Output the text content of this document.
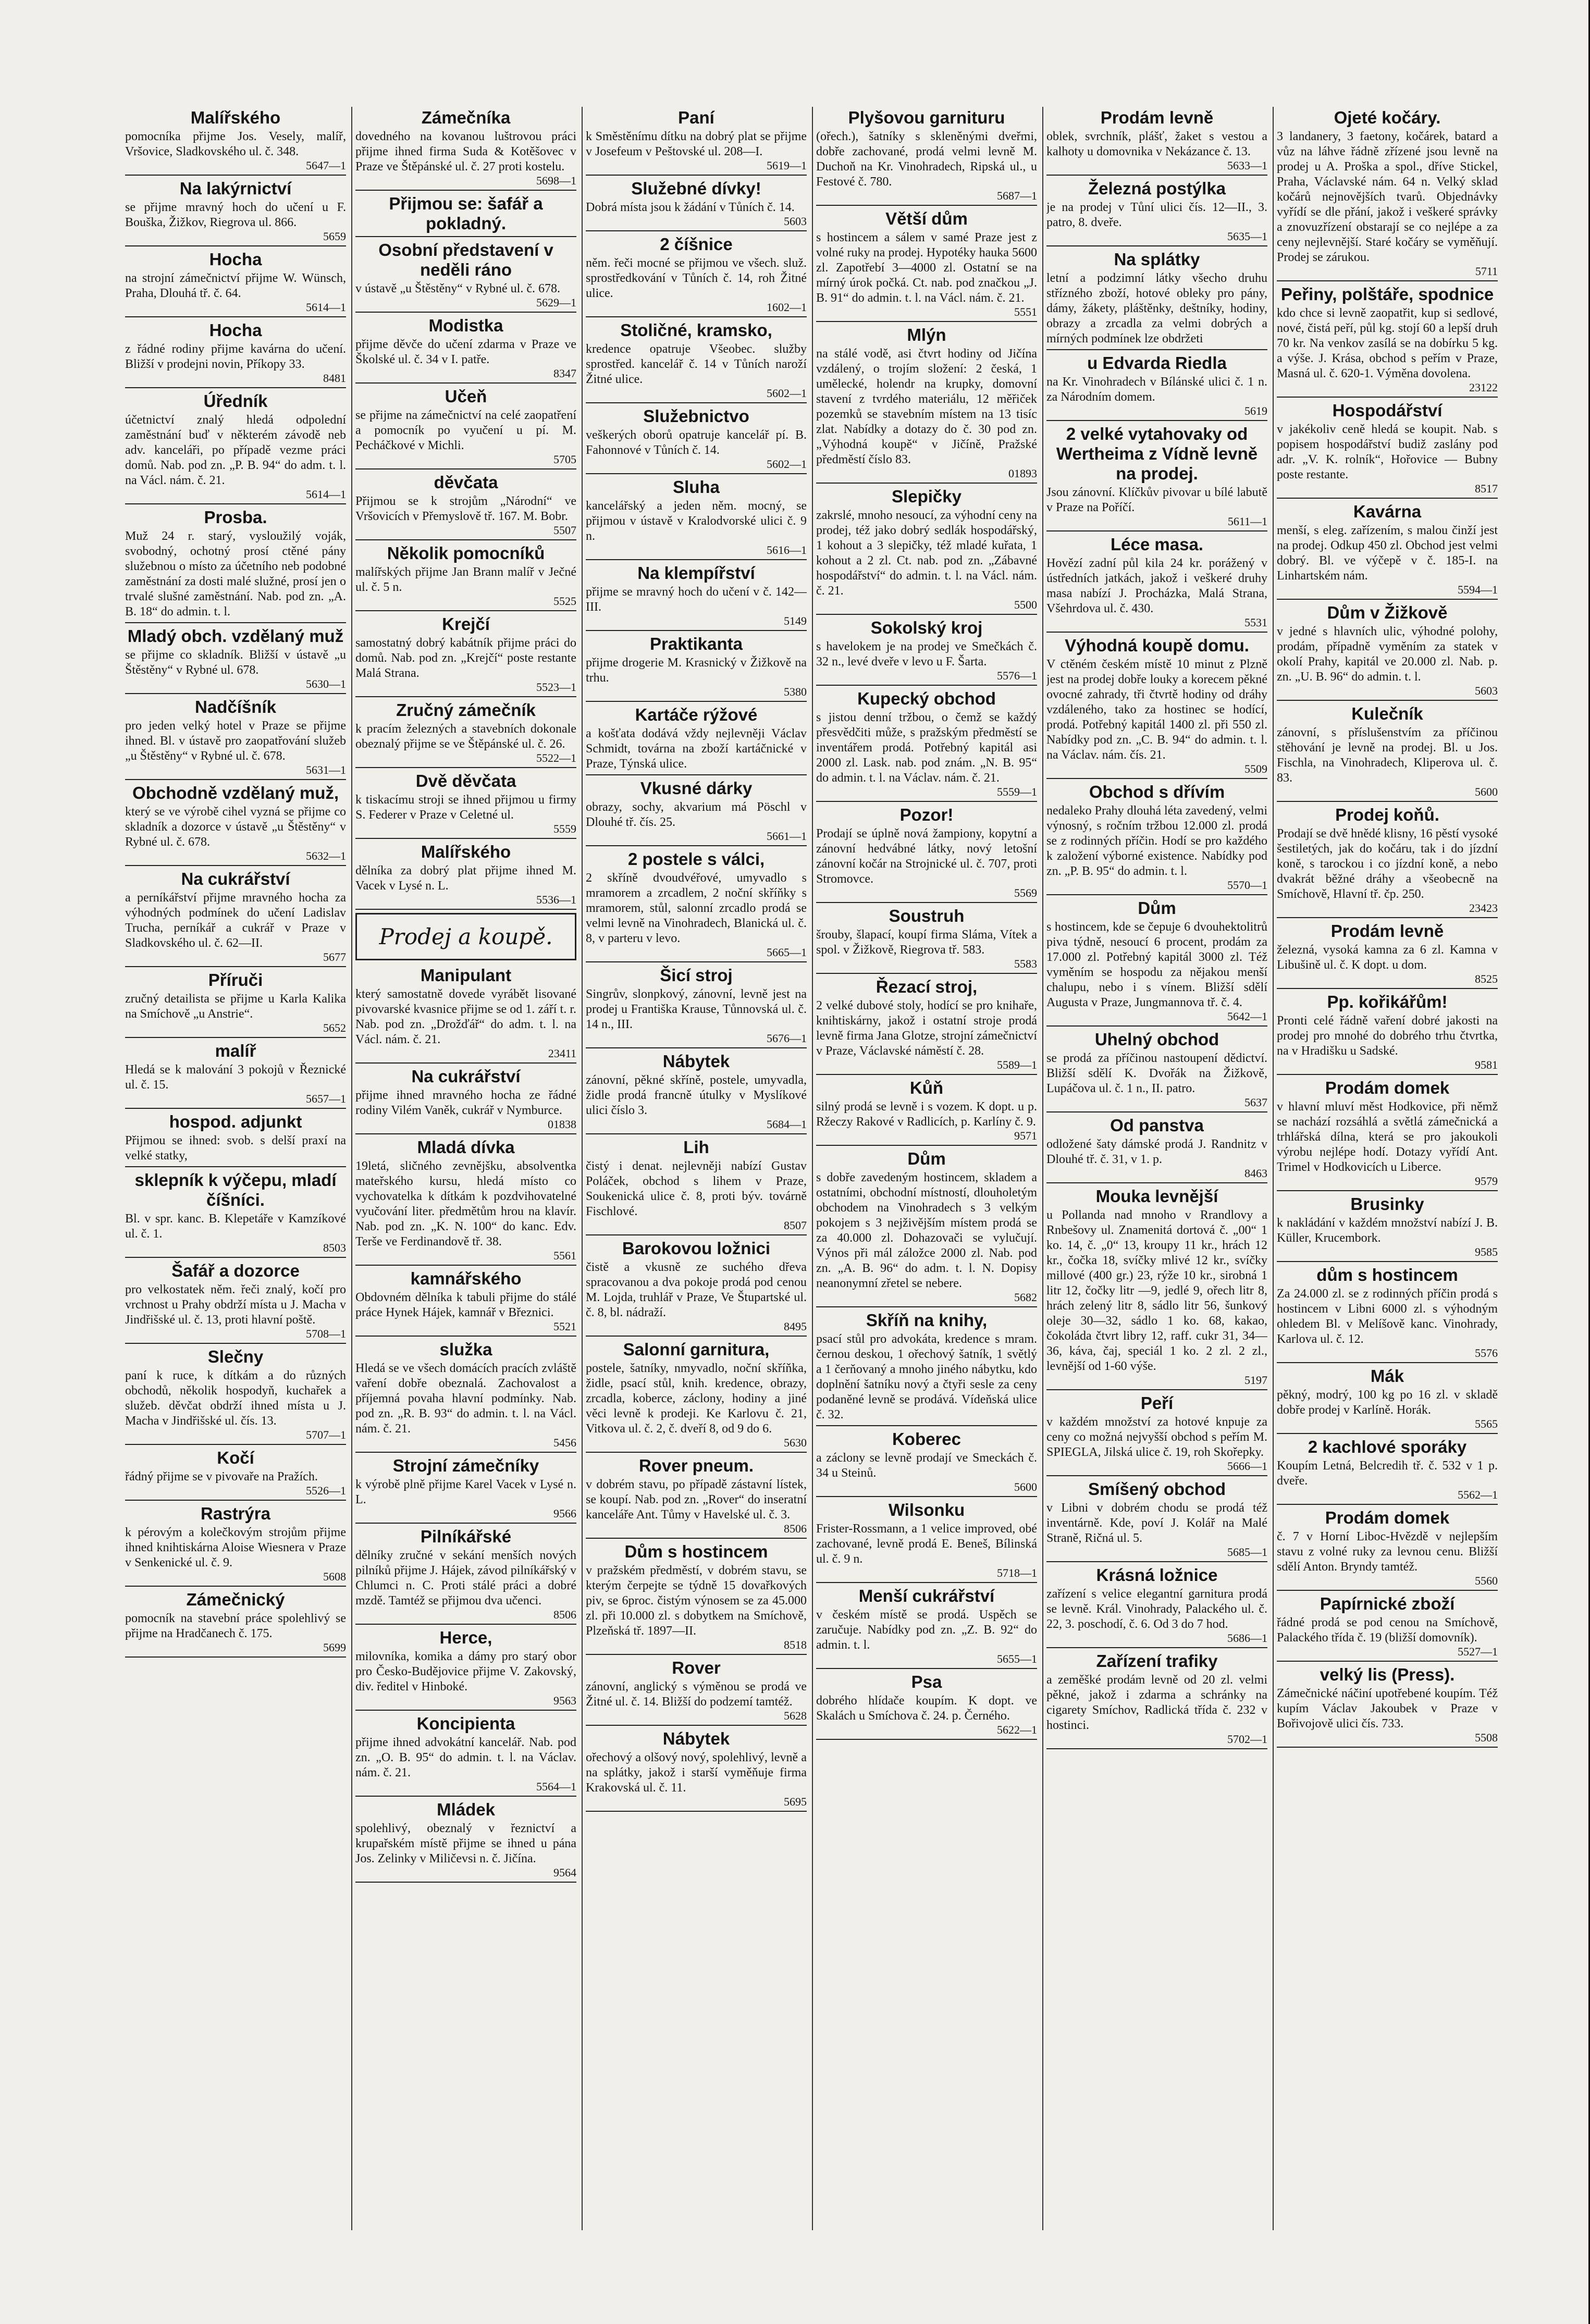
Malířského
pomocníka přijme Jos. Vesely, malíř, Vršovice, Sladkovského ul. č. 348.
5647—1
Na lakýrnictví
se přijme mravný hoch do učení u F. Bouška, Žižkov, Riegrova ul. 866.
5659
Hocha
na strojní zámečnictví přijme W. Wünsch, Praha, Dlouhá tř. č. 64.
5614—1
Hocha
z řádné rodiny přijme kavárna do učení. Bližší v prodejni novin, Příkopy 33.
8481
Úředník
účetnictví znalý hledá odpolední zaměstnání buď v některém závodě neb adv. kanceláři, po případě vezme práci domů. Nab. pod zn. „P. B. 94“ do adm. t. l. na Václ. nám. č. 21.
5614—1
Prosba.
Muž 24 r. starý, vysloužilý voják, svobodný, ochotný prosí ctěné pány služebnou o místo za účetního neb podobné zaměstnání za dosti malé služné, prosí jen o trvalé slušné zaměstnání. Nab. pod zn. „A. B. 18“ do admin. t. l.
Mladý obch. vzdělaný muž
se přijme co skladník. Bližší v ústavě „u Štěstěny“ v Rybné ul. 678.
5630—1
Nadčíšník
pro jeden velký hotel v Praze se přijme ihned. Bl. v ústavě pro zaopatřování služeb „u Štěstěny“ v Rybné ul. č. 678.
5631—1
Obchodně vzdělaný muž,
který se ve výrobě cihel vyzná se přijme co skladník a dozorce v ústavě „u Štěstěny“ v Rybné ul. č. 678.
5632—1
Na cukrářství
a perníkářství přijme mravného hocha za výhodných podmínek do učení Ladislav Trucha, perníkář a cukrář v Praze v Sladkovského ul. č. 62—II.
5677
Příruči
zručný detailista se přijme u Karla Kalika na Smíchově „u Anstrie“.
5652
malíř
Hledá se k malování 3 pokojů v Řeznické ul. č. 15.
5657—1
hospod. adjunkt
Přijmou se ihned: svob. s delší praxí na velké statky,
sklepník k výčepu, mladí číšníci.
Bl. v spr. kanc. B. Klepetáře v Kamzíkové ul. č. 1.
8503
Šafář a dozorce
pro velkostatek něm. řeči znalý, kočí pro vrchnost u Prahy obdrží místa u J. Macha v Jindřišské ul. č. 13, proti hlavní poště.
5708—1
Slečny
paní k ruce, k dítkám a do různých obchodů, několik hospodyň, kuchařek a služeb. děvčat obdrží ihned místa u J. Macha v Jindřišské ul. čís. 13.
5707—1
Kočí
řádný přijme se v pivovaře na Pražích.
5526—1
Rastrýra
k pérovým a kolečkovým strojům přijme ihned knihtiskárna Aloise Wiesnera v Praze v Senkenické ul. č. 9.
5608
Zámečnický
pomocník na stavební práce spolehlivý se přijme na Hradčanech č. 175.
5699
Zámečníka
dovedného na kovanou luštrovou práci přijme ihned firma Suda & Kotěšovec v Praze ve Štěpánské ul. č. 27 proti kostelu.
5698—1
Přijmou se: šafář a pokladný.
Osobní představení v neděli ráno
v ústavě „u Štěstěny“ v Rybné ul. č. 678.
5629—1
Modistka
přijme děvče do učení zdarma v Praze ve Školské ul. č. 34 v I. patře.
8347
Učeň
se přijme na zámečnictví na celé zaopatření a pomocník po vyučení u pí. M. Pecháčkové v Michli.
5705
děvčata
Přijmou se k strojům „Národní“ ve Vršovicích v Přemyslově tř. 167. M. Bobr.
5507
Několik pomocníků
malířských přijme Jan Brann malíř v Ječné ul. č. 5 n.
5525
Krejčí
samostatný dobrý kabátník přijme práci do domů. Nab. pod zn. „Krejčí“ poste restante Malá Strana.
5523—1
Zručný zámečník
k pracím železných a stavebních dokonale obeznalý přijme se ve Štěpánské ul. č. 26.
5522—1
Dvě děvčata
k tiskacímu stroji se ihned přijmou u firmy S. Federer v Praze v Celetné ul.
5559
Malířského
dělníka za dobrý plat přijme ihned M. Vacek v Lysé n. L.
5536—1
Prodej a koupě.
Manipulant
který samostatně dovede vyrábět lisované pivovarské kvasnice přijme se od 1. září t. r. Nab. pod zn. „Drožďář“ do adm. t. l. na Václ. nám. č. 21.
23411
Na cukrářství
přijme ihned mravného hocha ze řádné rodiny Vilém Vaněk, cukrář v Nymburce.
01838
Mladá dívka
19letá, sličného zevnějšku, absolventka mateřského kursu, hledá místo co vychovatelka k dítkám k pozdvihovatelné vyučování liter. předmětům hrou na klavír. Nab. pod zn. „K. N. 100“ do kanc. Edv. Terše ve Ferdinandově tř. 38.
5561
kamnářského
Obdovném dělníka k tabuli přijme do stálé práce Hynek Hájek, kamnář v Březnici.
5521
služka
Hledá se ve všech domácích pracích zvláště vaření dobře obeznalá. Zachovalost a příjemná povaha hlavní podmínky. Nab. pod zn. „R. B. 93“ do admin. t. l. na Václ. nám. č. 21.
5456
Strojní zámečníky
k výrobě plně přijme Karel Vacek v Lysé n. L.
9566
Pilníkářské
dělníky zručné v sekání menších nových pilníků přijme J. Hájek, závod pilníkářský v Chlumci n. C. Proti stálé práci a dobré mzdě. Tamtéž se přijmou dva učenci.
8506
Herce,
milovníka, komika a dámy pro starý obor pro Česko-Budějovice přijme V. Zakovský, div. ředitel v Hinboké.
9563
Koncipienta
přijme ihned advokátní kancelář. Nab. pod zn. „O. B. 95“ do admin. t. l. na Václav. nám. č. 21.
5564—1
Mládek
spolehlivý, obeznalý v řeznictví a krupařském místě přijme se ihned u pána Jos. Zelinky v Miličevsi n. č. Jičína.
9564
Paní
k Směstěnímu dítku na dobrý plat se přijme v Josefeum v Peštovské ul. 208—I.
5619—1
Služebné dívky!
Dobrá místa jsou k žádání v Tůních č. 14.
5603
2 číšnice
něm. řeči mocné se přijmou ve všech. služ. sprostředkování v Tůních č. 14, roh Žitné ulice.
1602—1
Stoličné, kramsko,
kredence opatruje Všeobec. služby sprostřed. kancelář č. 14 v Tůních naroží Žitné ulice.
5602—1
Služebnictvo
veškerých oborů opatruje kancelář pí. B. Fahonnové v Tůních č. 14.
5602—1
Sluha
kancelářský a jeden něm. mocný, se přijmou v ústavě v Kralodvorské ulici č. 9 n.
5616—1
Na klempířství
přijme se mravný hoch do učení v č. 142—III.
5149
Praktikanta
přijme drogerie M. Krasnický v Žižkově na trhu.
5380
Kartáče rýžové
a košťata dodává vždy nejlevněji Václav Schmidt, továrna na zboží kartáčnické v Praze, Týnská ulice.
Vkusné dárky
obrazy, sochy, akvarium má Pöschl v Dlouhé tř. čís. 25.
5661—1
2 postele s válci,
2 skříně dvoudvéřové, umyvadlo s mramorem a zrcadlem, 2 noční skříňky s mramorem, stůl, salonní zrcadlo prodá se velmi levně na Vinohradech, Blanická ul. č. 8, v parteru v levo.
5665—1
Šicí stroj
Singrův, slonpkový, zánovní, levně jest na prodej u Františka Krause, Tůnnovská ul. č. 14 n., III.
5676—1
Nábytek
zánovní, pěkné skříně, postele, umyvadla, židle prodá francně útulky v Myslíkové ulici číslo 3.
5684—1
Lih
čistý i denat. nejlevněji nabízí Gustav Poláček, obchod s lihem v Praze, Soukenická ulice č. 8, proti býv. továrně Fischlové.
8507
Barokovou ložnici
čistě a vkusně ze suchého dřeva spracovanou a dva pokoje prodá pod cenou M. Lojda, truhlář v Praze, Ve Štupartské ul. č. 8, bl. nádraží.
8495
Salonní garnitura,
postele, šatníky, nmyvadlo, noční skříňka, židle, psací stůl, knih. kredence, obrazy, zrcadla, koberce, záclony, hodiny a jiné věci levně k prodeji. Ke Karlovu č. 21, Vitkova ul. č. 2, č. dveří 8, od 9 do 6.
5630
Rover pneum.
v dobrém stavu, po případě zástavní lístek, se koupí. Nab. pod zn. „Rover“ do inseratní kanceláře Ant. Tůmy v Havelské ul. č. 3.
8506
Dům s hostincem
v pražském předměstí, v dobrém stavu, se kterým čerpejte se týdně 15 dovařkových piv, se 6proc. čistým výnosem se za 45.000 zl. při 10.000 zl. s dobytkem na Smíchově, Plzeňská tř. 1897—II.
8518
Rover
zánovní, anglický s výměnou se prodá ve Žitné ul. č. 14. Bližší do podzemí tamtéž.
5628
Nábytek
ořechový a olšový nový, spolehlivý, levně a na splátky, jakož i starší vyměňuje firma Krakovská ul. č. 11.
5695
Plyšovou garnituru
(ořech.), šatníky s skleněnými dveřmi, dobře zachované, prodá velmi levně M. Duchoň na Kr. Vinohradech, Ripská ul., u Festové č. 780.
5687—1
Větší dům
s hostincem a sálem v samé Praze jest z volné ruky na prodej. Hypotéky hauka 5600 zl. Zapotřebí 3—4000 zl. Ostatní se na mírný úrok počká. Ct. nab. pod značkou „J. B. 91“ do admin. t. l. na Václ. nám. č. 21.
5551
Mlýn
na stálé vodě, asi čtvrt hodiny od Jičína vzdálený, o trojím složení: 2 česká, 1 umělecké, holendr na krupky, domovní stavení z tvrdého materiálu, 12 měřiček pozemků se stavebním místem na 13 tisíc zlat. Nabídky a dotazy do č. 30 pod zn. „Výhodná koupě“ v Jičíně, Pražské předměstí číslo 83.
01893
Slepičky
zakrslé, mnoho nesoucí, za výhodní ceny na prodej, též jako dobrý sedlák hospodářský, 1 kohout a 3 slepičky, též mladé kuřata, 1 kohout a 2 zl. Ct. nab. pod zn. „Zábavné hospodářství“ do admin. t. l. na Václ. nám. č. 21.
5500
Sokolský kroj
s havelokem je na prodej ve Smečkách č. 32 n., levé dveře v levo u F. Šarta.
5576—1
Kupecký obchod
s jistou denní tržbou, o čemž se každý přesvědčiti může, s pražským předměstí se inventářem prodá. Potřebný kapitál asi 2000 zl. Lask. nab. pod znám. „N. B. 95“ do admin. t. l. na Václav. nám. č. 21.
5559—1
Pozor!
Prodají se úplně nová žampiony, kopytní a zánovní hedvábné látky, nový letošní zánovní kočár na Strojnické ul. č. 707, proti Stromovce.
5569
Soustruh
šrouby, šlapací, koupí firma Sláma, Vítek a spol. v Žižkově, Riegrova tř. 583.
5583
Řezací stroj,
2 velké dubové stoly, hodící se pro knihaře, knihtiskárny, jakož i ostatní stroje prodá levně firma Jana Glotze, strojní zámečnictví v Praze, Václavské náměstí č. 28.
5589—1
Kůň
silný prodá se levně i s vozem. K dopt. u p. Ržeczy Rakové v Radlicích, p. Karlíny č. 9.
9571
Dům
s dobře zavedeným hostincem, skladem a ostatními, obchodní místností, dlouholetým obchodem na Vinohradech s 3 velkým pokojem s 3 nejživějším místem prodá se za 40.000 zl. Dohazovači se vylučují. Výnos při mál záložce 2000 zl. Nab. pod zn. „A. B. 96“ do adm. t. l. N. Dopisy neanonymní zřetel se nebere.
5682
Skříň na knihy,
psací stůl pro advokáta, kredence s mram. černou deskou, 1 ořechový šatník, 1 světlý a 1 čerňovaný a mnoho jiného nábytku, kdo doplnění šatníku nový a čtyři sesle za ceny podaněné levně se prodává. Vídeňská ulice č. 32.
Koberec
a záclony se levně prodají ve Smeckách č. 34 u Steinů.
5600
Wilsonku
Frister-Rossmann, a 1 velice improved, obé zachované, levně prodá E. Beneš, Bílinská ul. č. 9 n.
5718—1
Menší cukrářství
v českém místě se prodá. Uspěch se zaručuje. Nabídky pod zn. „Z. B. 92“ do admin. t. l.
5655—1
Psa
dobrého hlídače koupím. K dopt. ve Skalách u Smíchova č. 24. p. Černého.
5622—1
Prodám levně
oblek, svrchník, plášť, žaket s vestou a kalhoty u domovnika v Nekázance č. 13.
5633—1
Železná postýlka
je na prodej v Tůní ulici čís. 12—II., 3. patro, 8. dveře.
5635—1
Na splátky
letní a podzimní látky všecho druhu střízného zboží, hotové obleky pro pány, dámy, žákety, pláštěnky, deštníky, hodiny, obrazy a zrcadla za velmi dobrých a mírných podmínek lze obdržeti
u Edvarda Riedla
na Kr. Vinohradech v Bílánské ulici č. 1 n. za Národním domem.
5619
2 velké vytahovaky od Wertheima z Vídně levně na prodej.
Jsou zánovní. Klíčkův pivovar u bílé labutě v Praze na Poříčí.
5611—1
Léce masa.
Hovězí zadní půl kila 24 kr. porážený v ústředních jatkách, jakož i veškeré druhy masa nabízí J. Procházka, Malá Strana, Všehrdova ul. č. 430.
5531
Výhodná koupě domu.
V ctěném českém místě 10 minut z Plzně jest na prodej dobře louky a korecem pěkné ovocné zahrady, tři čtvrtě hodiny od dráhy vzdáleného, tako za hostinec se hodící, prodá. Potřebný kapitál 1400 zl. při 550 zl. Nabídky pod zn. „C. B. 94“ do admin. t. l. na Václav. nám. čís. 21.
5509
Obchod s dřívím
nedaleko Prahy dlouhá léta zavedený, velmi výnosný, s ročním tržbou 12.000 zl. prodá se z rodinných příčin. Hodí se pro každého k založení výborné existence. Nabídky pod zn. „P. B. 95“ do admin. t. l.
5570—1
Dům
s hostincem, kde se čepuje 6 dvouhektolitrů piva týdně, nesoucí 6 procent, prodám za 17.000 zl. Potřebný kapitál 3000 zl. Též vyměním se hospodu za nějakou menší chalupu, nebo i s vínem. Bližší sdělí Augusta v Praze, Jungmannova tř. č. 4.
5642—1
Uhelný obchod
se prodá za příčinou nastoupení dědictví. Bližší sdělí K. Dvořák na Žižkově, Lupáčova ul. č. 1 n., II. patro.
5637
Od panstva
odložené šaty dámské prodá J. Randnitz v Dlouhé tř. č. 31, v 1. p.
8463
Mouka levnější
u Pollanda nad mnoho v Rrandlovy a Rnbešovy ul. Znamenitá dortová č. „00“ 1 ko. 14, č. „0“ 13, kroupy 11 kr., hrách 12 kr., čočka 18, svíčky mlivé 12 kr., svíčky millové (400 gr.) 23, rýže 10 kr., sirobná 1 litr 12, čočky litr —9, jedlé 9, ořech litr 8, hrách zelený litr 8, sádlo litr 56, šunkový oleje 30—32, sádlo 1 ko. 68, kakao, čokoláda čtvrt libry 12, raff. cukr 31, 34—36, káva, čaj, speciál 1 ko. 2 zl. 2 zl., levnější od 1-60 výše.
5197
Peří
v každém množství za hotové knpuje za ceny co možná nejvyšší obchod s peřím M. SPIEGLA, Jilská ulice č. 19, roh Skořepky.
5666—1
Smíšený obchod
v Libni v dobrém chodu se prodá též inventárně. Kde, poví J. Kolář na Malé Straně, Ričná ul. 5.
5685—1
Krásná ložnice
zařízení s velice elegantní garnitura prodá se levně. Král. Vinohrady, Palackého ul. č. 22, 3. poschodí, č. 6. Od 3 do 7 hod.
5686—1
Zařízení trafiky
a zeměšké prodám levně od 20 zl. velmi pěkné, jakož i zdarma a schránky na cigarety Smíchov, Radlická třída č. 232 v hostinci.
5702—1
Ojeté kočáry.
3 landanery, 3 faetony, kočárek, batard a vůz na láhve řádně zřízené jsou levně na prodej u A. Proška a spol., dříve Stickel, Praha, Václavské nám. 64 n. Velký sklad kočárů nejnovějších tvarů. Objednávky vyřídí se dle přání, jakož i veškeré správky a znovuzřízení obstarají se co nejlépe a za ceny nejlevnější. Staré kočáry se vyměňují. Prodej se zárukou.
5711
Peřiny, polštáře, spodnice
kdo chce si levně zaopatřit, kup si sedlové, nové, čistá peří, půl kg. stojí 60 a lepší druh 70 kr. Na venkov zasílá se na dobírku 5 kg. a výše. J. Krása, obchod s peřím v Praze, Masná ul. č. 620-1. Výměna dovolena.
23122
Hospodářství
v jakékoliv ceně hledá se koupit. Nab. s popisem hospodářství budiž zaslány pod adr. „V. K. rolník“, Hořovice — Bubny poste restante.
8517
Kavárna
menší, s eleg. zařízením, s malou činží jest na prodej. Odkup 450 zl. Obchod jest velmi dobrý. Bl. ve výčepě v č. 185-I. na Linhartském nám.
5594—1
Dům v Žižkově
v jedné s hlavních ulic, výhodné polohy, prodám, případně vyměním za statek v okolí Prahy, kapitál ve 20.000 zl. Nab. p. zn. „U. B. 96“ do admin. t. l.
5603
Kulečník
zánovní, s příslušenstvím za příčinou stěhování je levně na prodej. Bl. u Jos. Fischla, na Vinohradech, Kliperova ul. č. 83.
5600
Prodej koňů.
Prodají se dvě hnědé klisny, 16 pěstí vysoké šestiletých, jak do kočáru, tak i do jízdní koně, s tarockou i co jízdní koně, a nebo dvakrát běžné dráhy a všeobecně na Smíchově, Hlavní tř. čp. 250.
23423
Prodám levně
železná, vysoká kamna za 6 zl. Kamna v Libušině ul. č. K dopt. u dom.
8525
Pp. kořikářům!
Pronti celé řádně vaření dobré jakosti na prodej pro mnohé do dobrého trhu čtvrtka, na v Hradišku u Sadské.
9581
Prodám domek
v hlavní mluví měst Hodkovice, při němž se nachází rozsáhlá a světlá zámečnická a trhlářská dílna, která se pro jakoukoli výrobu nejlépe hodí. Dotazy vyřídí Ant. Trimel v Hodkovicích u Liberce.
9579
Brusinky
k nakládání v každém množství nabízí J. B. Küller, Krucembork.
9585
dům s hostincem
Za 24.000 zl. se z rodinných příčin prodá s hostincem v Libni 6000 zl. s výhodným ohledem Bl. v Melíšově kanc. Vinohrady, Karlova ul. č. 12.
5576
Mák
pěkný, modrý, 100 kg po 16 zl. v skladě dobře prodej v Karlíně. Horák.
5565
2 kachlové sporáky
Koupím Letná, Belcredih tř. č. 532 v 1 p. dveře.
5562—1
Prodám domek
č. 7 v Horní Liboc-Hvězdě v nejlepším stavu z volné ruky za levnou cenu. Bližší sdělí Anton. Bryndy tamtéž.
5560
Papírnické zboží
řádné prodá se pod cenou na Smíchově, Palackého třída č. 19 (bližší domovník).
5527—1
velký lis (Press).
Zámečnické náčiní upotřebené koupím. Též kupím Václav Jakoubek v Praze v Bořivojově ulici čís. 733.
5508
